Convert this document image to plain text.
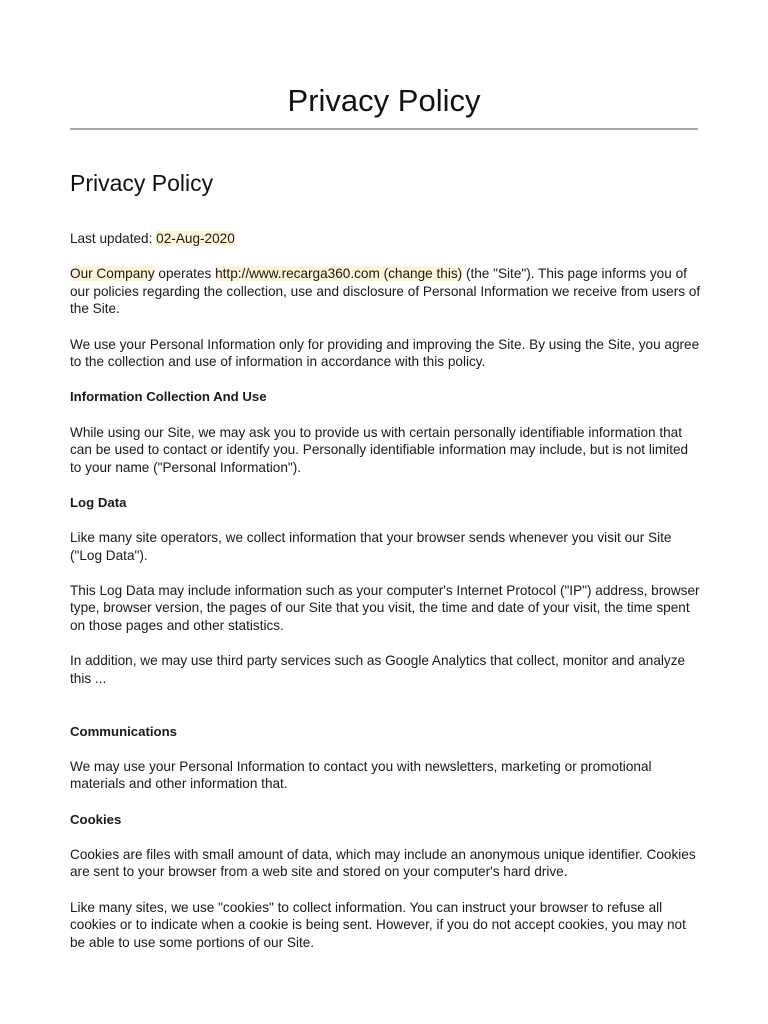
Privacy Policy
Privacy Policy

Last updated: 02-Aug-2020

Our Company operates http://www.recarga360.com (change this) (the "Site"). This page informs you of our policies regarding the collection, use and disclosure of Personal Information we receive from users of the Site.

We use your Personal Information only for providing and improving the Site. By using the Site, you agree to the collection and use of information in accordance with this policy.

Information Collection And Use

While using our Site, we may ask you to provide us with certain personally identifiable information that can be used to contact or identify you. Personally identifiable information may include, but is not limited to your name ("Personal Information").

Log Data

Like many site operators, we collect information that your browser sends whenever you visit our Site ("Log Data").

This Log Data may include information such as your computer's Internet Protocol ("IP") address, browser type, browser version, the pages of our Site that you visit, the time and date of your visit, the time spent on those pages and other statistics.

In addition, we may use third party services such as Google Analytics that collect, monitor and analyze this ...

Communications

We may use your Personal Information to contact you with newsletters, marketing or promotional materials and other information that.

Cookies

Cookies are files with small amount of data, which may include an anonymous unique identifier. Cookies are sent to your browser from a web site and stored on your computer's hard drive.

Like many sites, we use "cookies" to collect information. You can instruct your browser to refuse all cookies or to indicate when a cookie is being sent. However, if you do not accept cookies, you may not be able to use some portions of our Site.
